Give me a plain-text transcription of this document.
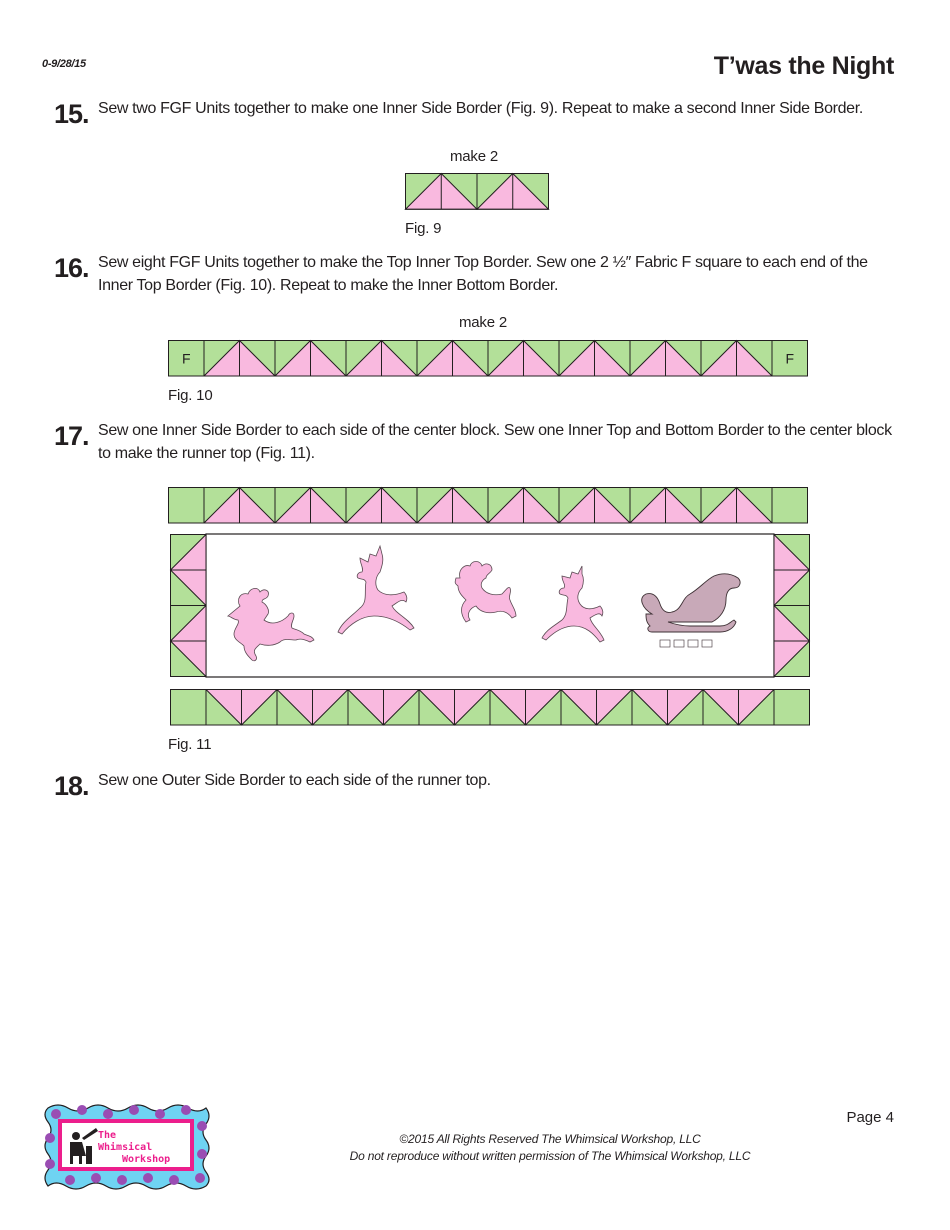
0-9/28/15	T’was the Night
15. Sew two FGF Units together to make one Inner Side Border (Fig. 9). Repeat to make a second Inner Side Border.
make 2
Fig. 9
16. Sew eight FGF Units together to make the Top Inner Top Border. Sew one 2 ½″ Fabric F square to each end of the Inner Top Border (Fig. 10). Repeat to make the Inner Bottom Border.
make 2
F	F
Fig. 10
17. Sew one Inner Side Border to each side of the center block. Sew one Inner Top and Bottom Border to the center block to make the runner top (Fig. 11).
Fig. 11
18. Sew one Outer Side Border to each side of the runner top.
The
Whimsical
Workshop
Page 4
©2015 All Rights Reserved The Whimsical Workshop, LLC
Do not reproduce without written permission of The Whimsical Workshop, LLC
